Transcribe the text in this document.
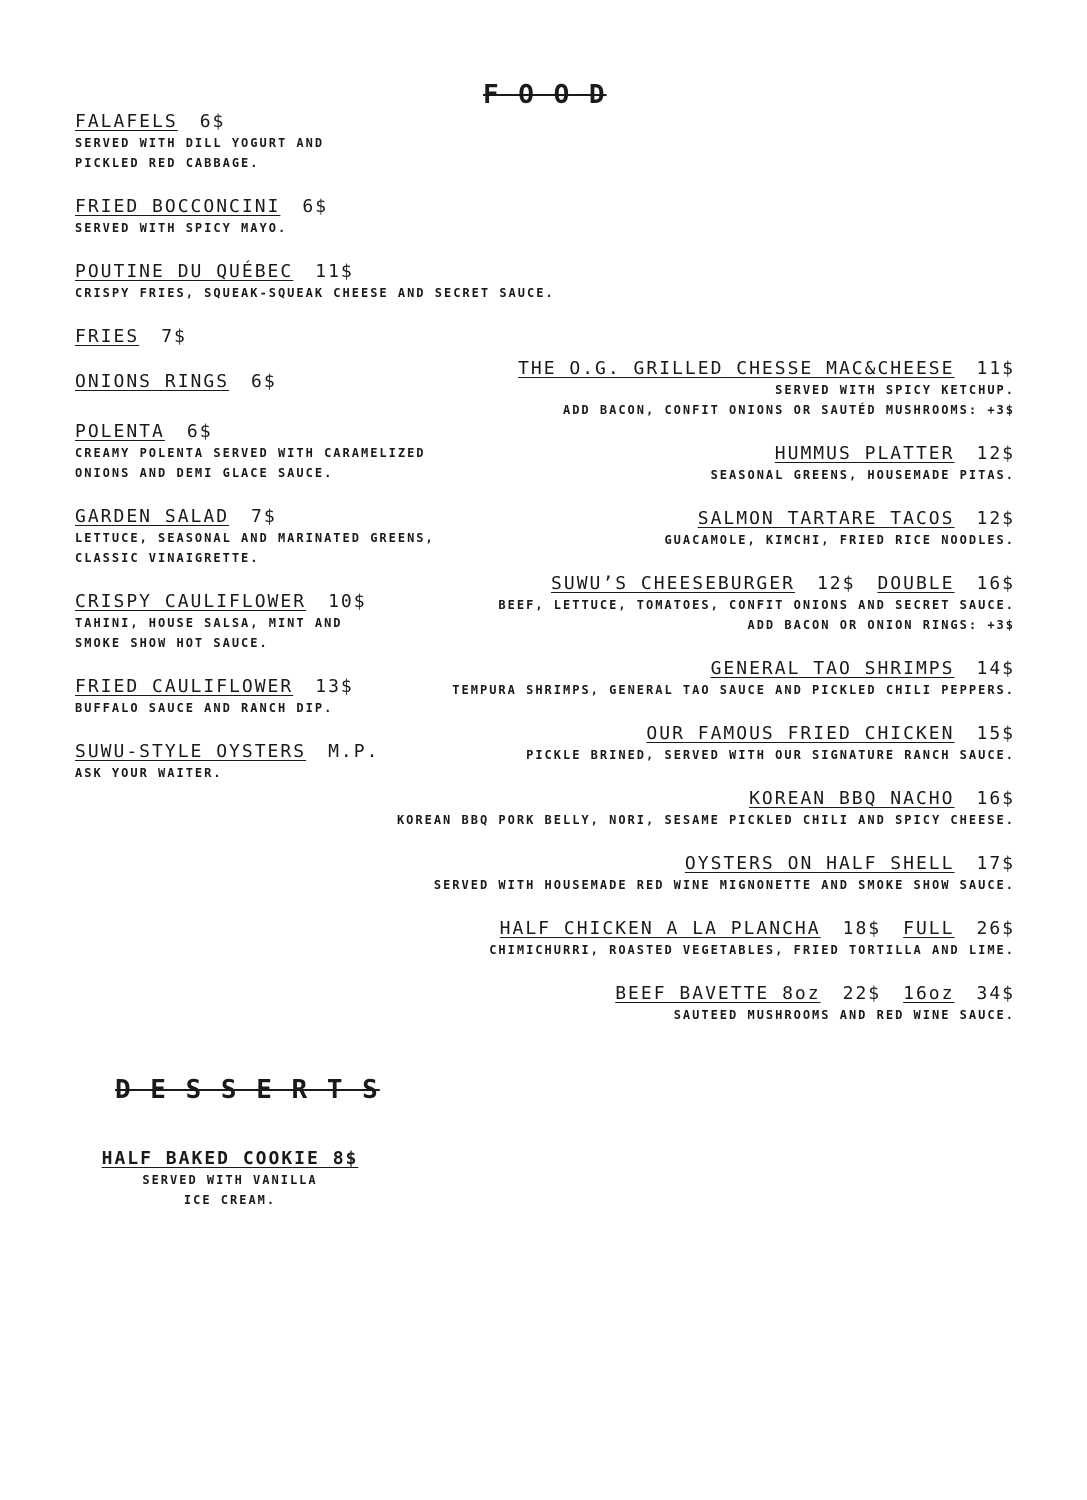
F O O D
FALAFELS 6$
SERVED WITH DILL YOGURT AND
PICKLED RED CABBAGE.
FRIED BOCCONCINI 6$
SERVED WITH SPICY MAYO.
POUTINE DU QUÉBEC 11$
CRISPY FRIES, SQUEAK-SQUEAK CHEESE AND SECRET SAUCE.
FRIES 7$
ONIONS RINGS 6$
POLENTA 6$
CREAMY POLENTA SERVED WITH CARAMELIZED
ONIONS AND DEMI GLACE SAUCE.
GARDEN SALAD 7$
LETTUCE, SEASONAL AND MARINATED GREENS,
CLASSIC VINAIGRETTE.
CRISPY CAULIFLOWER 10$
TAHINI, HOUSE SALSA, MINT AND
SMOKE SHOW HOT SAUCE.
FRIED CAULIFLOWER 13$
BUFFALO SAUCE AND RANCH DIP.
SUWU-STYLE OYSTERS M.P.
ASK YOUR WAITER.
THE O.G. GRILLED CHESSE MAC&CHEESE 11$
SERVED WITH SPICY KETCHUP.
ADD BACON, CONFIT ONIONS OR SAUTÉD MUSHROOMS: +3$
HUMMUS PLATTER 12$
SEASONAL GREENS, HOUSEMADE PITAS.
SALMON TARTARE TACOS 12$
GUACAMOLE, KIMCHI, FRIED RICE NOODLES.
SUWU’S CHEESEBURGER 12$ DOUBLE 16$
BEEF, LETTUCE, TOMATOES, CONFIT ONIONS AND SECRET SAUCE.
ADD BACON OR ONION RINGS: +3$
GENERAL TAO SHRIMPS 14$
TEMPURA SHRIMPS, GENERAL TAO SAUCE AND PICKLED CHILI PEPPERS.
OUR FAMOUS FRIED CHICKEN 15$
PICKLE BRINED, SERVED WITH OUR SIGNATURE RANCH SAUCE.
KOREAN BBQ NACHO 16$
KOREAN BBQ PORK BELLY, NORI, SESAME PICKLED CHILI AND SPICY CHEESE.
OYSTERS ON HALF SHELL 17$
SERVED WITH HOUSEMADE RED WINE MIGNONETTE AND SMOKE SHOW SAUCE.
HALF CHICKEN A LA PLANCHA 18$ FULL 26$
CHIMICHURRI, ROASTED VEGETABLES, FRIED TORTILLA AND LIME.
BEEF BAVETTE 8oz 22$ 16oz 34$
SAUTEED MUSHROOMS AND RED WINE SAUCE.
D E S S E R T S
HALF BAKED COOKIE 8$
SERVED WITH VANILLA
ICE CREAM.
